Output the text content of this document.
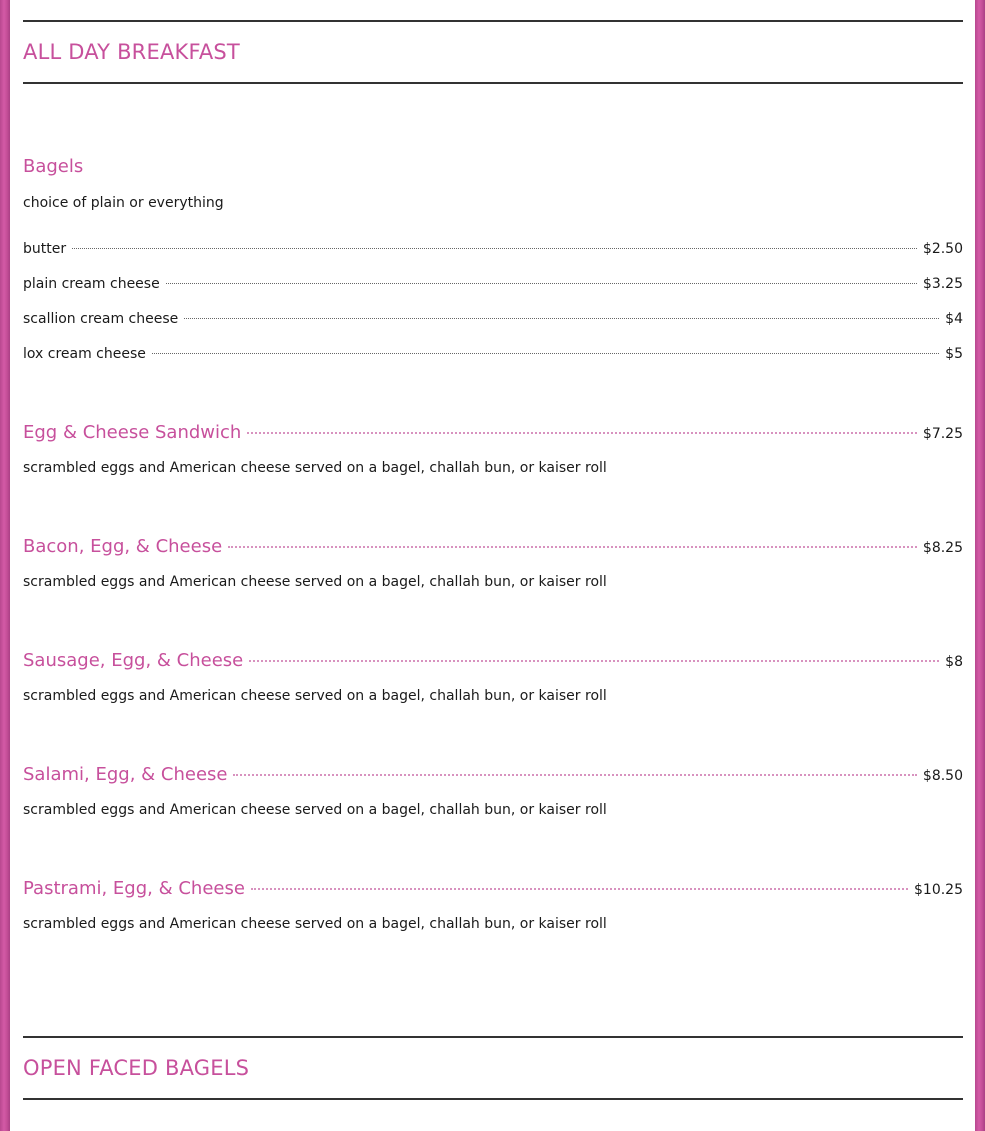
ALL DAY BREAKFAST
Bagels
choice of plain or everything
butter	$2.50
plain cream cheese	$3.25
scallion cream cheese	$4
lox cream cheese	$5
Egg & Cheese Sandwich	$7.25
scrambled eggs and American cheese served on a bagel, challah bun, or kaiser roll
Bacon, Egg, & Cheese	$8.25
scrambled eggs and American cheese served on a bagel, challah bun, or kaiser roll
Sausage, Egg, & Cheese	$8
scrambled eggs and American cheese served on a bagel, challah bun, or kaiser roll
Salami, Egg, & Cheese	$8.50
scrambled eggs and American cheese served on a bagel, challah bun, or kaiser roll
Pastrami, Egg, & Cheese	$10.25
scrambled eggs and American cheese served on a bagel, challah bun, or kaiser roll
OPEN FACED BAGELS
